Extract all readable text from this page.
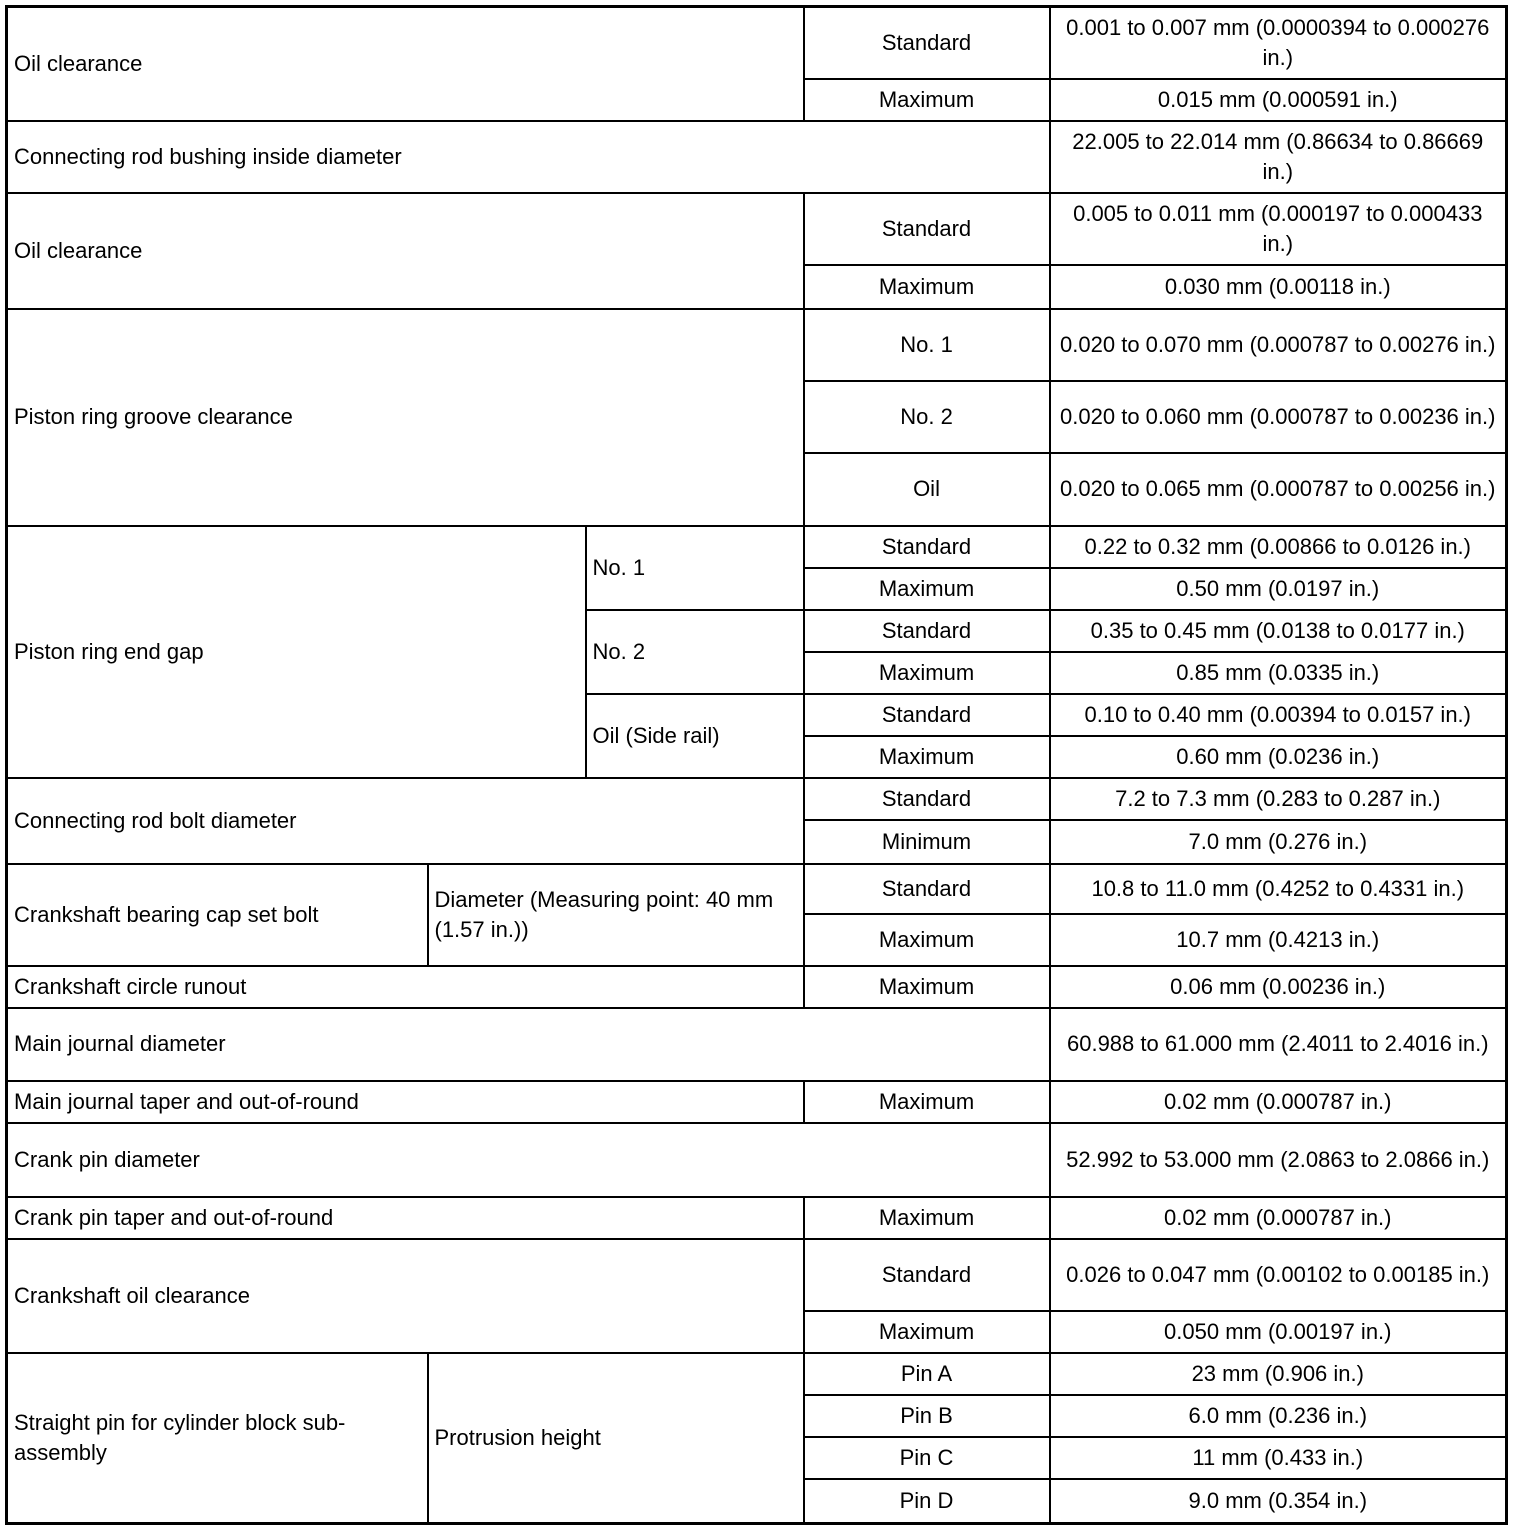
Oil clearance			Standard	0.001 to 0.007 mm (0.0000394 to 0.000276 in.)
			Maximum	0.015 mm (0.000591 in.)
Connecting rod bushing inside diameter				22.005 to 22.014 mm (0.86634 to 0.86669 in.)
Oil clearance			Standard	0.005 to 0.011 mm (0.000197 to 0.000433 in.)
			Maximum	0.030 mm (0.00118 in.)
Piston ring groove clearance			No. 1	0.020 to 0.070 mm (0.000787 to 0.00276 in.)
			No. 2	0.020 to 0.060 mm (0.000787 to 0.00236 in.)
			Oil	0.020 to 0.065 mm (0.000787 to 0.00256 in.)
Piston ring end gap		No. 1	Standard	0.22 to 0.32 mm (0.00866 to 0.0126 in.)
			Maximum	0.50 mm (0.0197 in.)
		No. 2	Standard	0.35 to 0.45 mm (0.0138 to 0.0177 in.)
			Maximum	0.85 mm (0.0335 in.)
		Oil (Side rail)	Standard	0.10 to 0.40 mm (0.00394 to 0.0157 in.)
			Maximum	0.60 mm (0.0236 in.)
Connecting rod bolt diameter			Standard	7.2 to 7.3 mm (0.283 to 0.287 in.)
			Minimum	7.0 mm (0.276 in.)
Crankshaft bearing cap set bolt	Diameter (Measuring point: 40 mm (1.57 in.))		Standard	10.8 to 11.0 mm (0.4252 to 0.4331 in.)
			Maximum	10.7 mm (0.4213 in.)
Crankshaft circle runout			Maximum	0.06 mm (0.00236 in.)
Main journal diameter				60.988 to 61.000 mm (2.4011 to 2.4016 in.)
Main journal taper and out-of-round			Maximum	0.02 mm (0.000787 in.)
Crank pin diameter				52.992 to 53.000 mm (2.0863 to 2.0866 in.)
Crank pin taper and out-of-round			Maximum	0.02 mm (0.000787 in.)
Crankshaft oil clearance			Standard	0.026 to 0.047 mm (0.00102 to 0.00185 in.)
			Maximum	0.050 mm (0.00197 in.)
Straight pin for cylinder block sub-assembly	Protrusion height		Pin A	23 mm (0.906 in.)
			Pin B	6.0 mm (0.236 in.)
			Pin C	11 mm (0.433 in.)
			Pin D	9.0 mm (0.354 in.)
